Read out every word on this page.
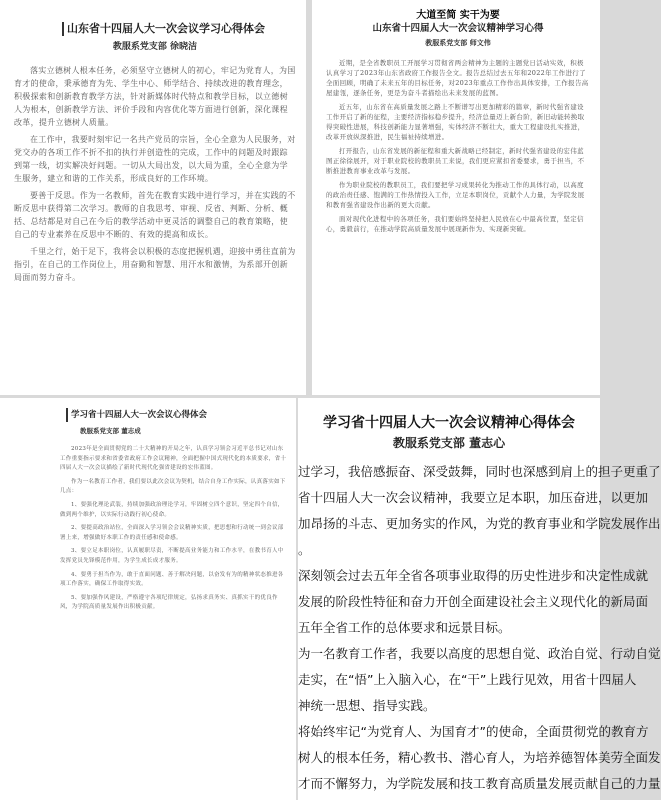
山东省十四届人大一次会议学习心得体会
教服系党支部 徐晓洁

落实立德树人根本任务，必须坚守立德树人的初心，牢记为党育人，为国育才的使命，秉承德育为先、学生中心、师学结合、持续改进的教育理念，积极探索和创新教育教学方法，针对新媒体时代特点和教学目标，以立德树人为根本，创新教学方法、评价手段和内容优化等方面进行创新，深化课程改革，提升立德树人质量。

在工作中，我要时刻牢记一名共产党员的宗旨，全心全意为人民服务，对党交办的各项工作不折不扣的执行并创造性的完成，工作中的问题及时跟踪到第一线，切实解决好问题。一切从大局出发，以大局为重，全心全意为学生服务，建立和谐的工作关系，形成良好的工作环境。

要善于反思。作为一名教师，首先在教育实践中进行学习，并在实践的不断反思中获得第二次学习。教师的自我思考、审视、反省、判断、分析、概括、总结都是对自己在今后的教学活动中更灵活的调整自己的教育策略，使自己的专业素养在反思中不断的、有效的提高和成长。

千里之行，始于足下，我将会以积极的态度把握机遇，迎接中勇往直前为指引，在自己的工作岗位上，用奋勤和智慧、用汗水和激情，为系部开创新局面而努力奋斗。

大道至简 实干为要
山东省十四届人大一次会议精神学习心得
教服系党支部 师文伟

近期，是全省教职员工开展学习贯彻省两会精神为主题的主题党日活动实效，积极认真学习了2023年山东省政府工作报告全文。报告总结过去五年和2022年工作进行了全面回顾，明确了未来五年的目标任务，对2023年重点工作作出具体安排，工作报告高屋建瓴，逐条任务，更是为奋斗者描绘出未来发展的蓝图。

近五年，山东省在高质量发展之路上不断谱写出更加精彩的篇章，新时代强省建设工作开启了新的征程，主要经济指标稳步提升，经济总量迈上新台阶，新旧动能转换取得突破性进展，科技创新能力显著增强，实体经济不断壮大，重大工程建设扎实推进，改革开放纵深推进，民生福祉持续增进。

打开报告，山东省发展的新征程和重大新战略已经制定，新时代强省建设的宏伟蓝图正徐徐展开，对于职业院校的教职员工来说，我们更应紧扣省委要求，勇于担当，不断推进教育事业改革与发展。

作为职业院校的教职员工，我们要把学习成果转化为推动工作的具体行动，以高度的政治责任感、饱满的工作热情投入工作，立足本职岗位，贡献个人力量，为学院发展和教育强省建设作出新的更大贡献。

面对现代化进程中的各项任务，我们要始终坚持把人民放在心中最高位置，坚定信心，勇毅前行，在推动学院高质量发展中展现新作为、实现新突破。

学习省十四届人大一次会议心得体会
教服系党支部 董志成

2023年是全面贯彻党的二十大精神的开局之年，认真学习领会习近平总书记对山东工作重要指示要求和省委省政府工作会议精神，全面把握中国式现代化的本质要求，省十四届人大一次会议描绘了新时代现代化强省建设的宏伟蓝图。

作为一名教育工作者，我们要以此次会议为契机，结合自身工作实际，认真落实如下几点：

1、要强化理论武装，持续加强政治理论学习，牢固树立四个意识，坚定四个自信，做到两个维护，以实际行动践行初心使命。

2、要提高政治站位，全面深入学习领会会议精神实质，把思想和行动统一到会议部署上来，增强做好本职工作的责任感和使命感。

3、要立足本职岗位，认真履职尽责，不断提高业务能力和工作水平，在教书育人中发挥党员先锋模范作用，为学生成长成才服务。

4、要勇于担当作为，敢于直面问题、善于解决问题，以奋发有为的精神状态推进各项工作落实，确保工作取得实效。

5、要加强作风建设，严格遵守各项纪律规定，弘扬求真务实、真抓实干的优良作风，为学院高质量发展作出积极贡献。

学习省十四届人大一次会议精神心得体会
教服系党支部 董志心

过学习，我倍感振奋、深受鼓舞，同时也深感到肩上的担子更重了

省十四届人大一次会议精神，我要立足本职，加压奋进，以更加

加昂扬的斗志、更加务实的作风，为党的教育事业和学院发展作出

。

深刻领会过去五年全省各项事业取得的历史性进步和决定性成就

发展的阶段性特征和奋力开创全面建设社会主义现代化的新局面

五年全省工作的总体要求和远景目标。

为一名教育工作者，我要以高度的思想自觉、政治自觉、行动自觉

走实，在“悟”上入脑入心，在“干”上践行见效，用省十四届人

神统一思想、指导实践。

将始终牢记“为党育人、为国育才”的使命，全面贯彻党的教育方

树人的根本任务，精心教书、潜心育人，为培养德智体美劳全面发

才而不懈努力，为学院发展和技工教育高质量发展贡献自己的力量
